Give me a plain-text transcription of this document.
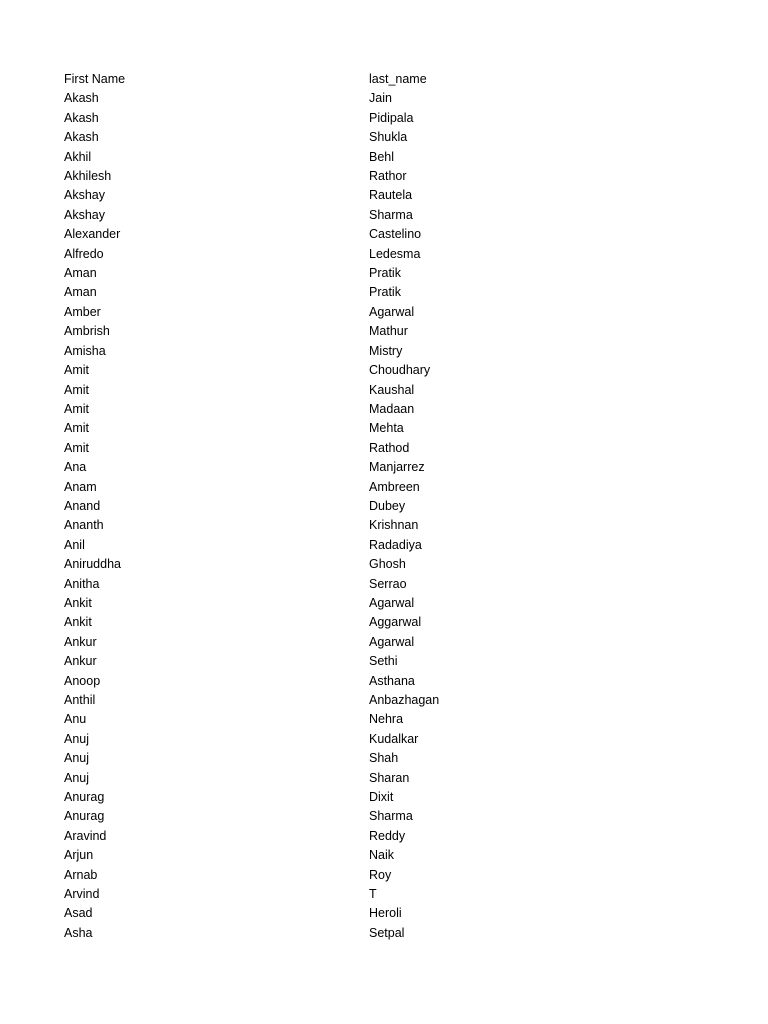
First Name	last_name
Akash	Jain
Akash	Pidipala
Akash	Shukla
Akhil	Behl
Akhilesh	Rathor
Akshay	Rautela
Akshay	Sharma
Alexander	Castelino
Alfredo	Ledesma
Aman	Pratik
Aman	Pratik
Amber	Agarwal
Ambrish	Mathur
Amisha	Mistry
Amit	Choudhary
Amit	Kaushal
Amit	Madaan
Amit	Mehta
Amit	Rathod
Ana	Manjarrez
Anam	Ambreen
Anand	Dubey
Ananth	Krishnan
Anil	Radadiya
Aniruddha	Ghosh
Anitha	Serrao
Ankit	Agarwal
Ankit	Aggarwal
Ankur	Agarwal
Ankur	Sethi
Anoop	Asthana
Anthil	Anbazhagan
Anu	Nehra
Anuj	Kudalkar
Anuj	Shah
Anuj	Sharan
Anurag	Dixit
Anurag	Sharma
Aravind	Reddy
Arjun	Naik
Arnab	Roy
Arvind	T
Asad	Heroli
Asha	Setpal
